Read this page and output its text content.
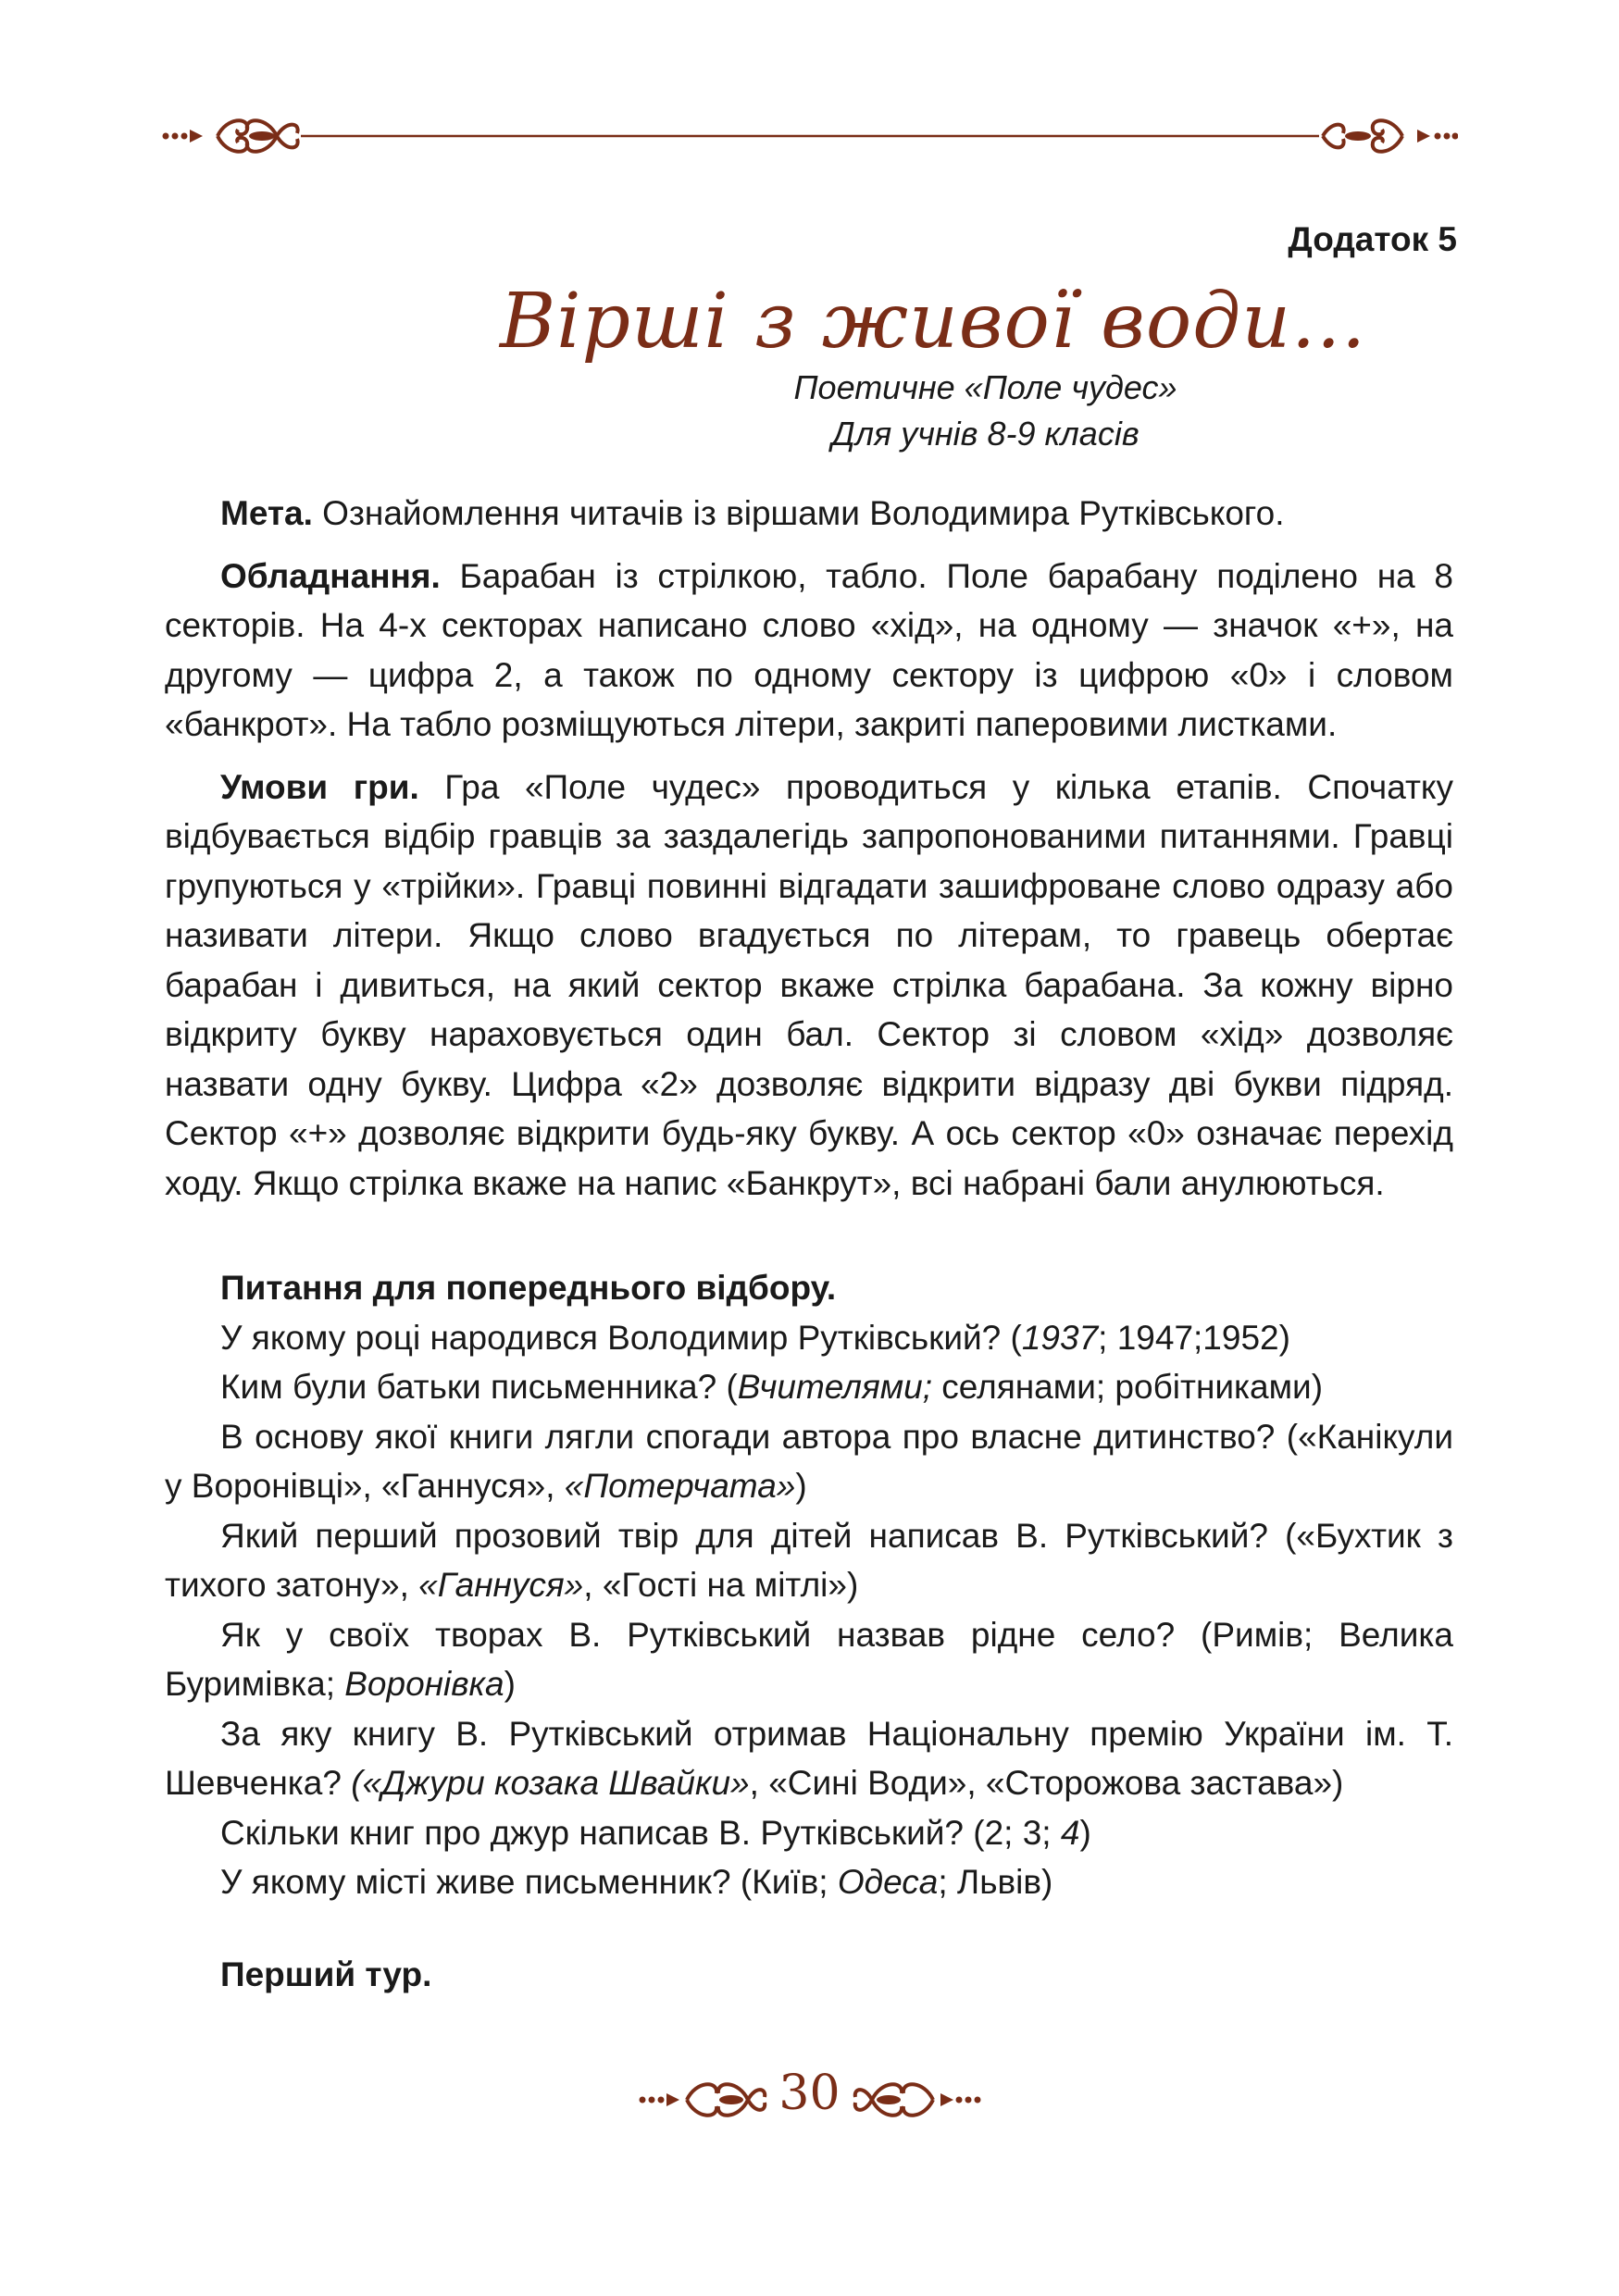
Додаток 5
Вірші з живої води...
Поетичне «Поле чудес»
Для учнів 8-9 класів

Мета. Ознайомлення читачів із віршами Володимира Рутківського.

Обладнання. Барабан із стрілкою, табло. Поле барабану поділено на 8 секторів. На 4-х секторах написано слово «хід», на одному — значок «+», на другому — цифра 2, а також по одному сектору із цифрою «0» і словом «банкрот». На табло розміщуються літери, закриті паперовими листками.

Умови гри. Гра «Поле чудес» проводиться у кілька етапів. Спочатку відбувається відбір гравців за заздалегідь запропонованими питаннями. Гравці групуються у «трійки». Гравці повинні відгадати зашифроване слово одразу або називати літери. Якщо слово вгадується по літерам, то гравець обертає барабан і дивиться, на який сектор вкаже стрілка барабана. За кожну вірно відкриту букву нараховується один бал. Сектор зі словом «хід» дозволяє назвати одну букву. Цифра «2» дозволяє відкрити відразу дві букви підряд. Сектор «+» дозволяє відкрити будь-яку букву. А ось сектор «0» означає перехід ходу. Якщо стрілка вкаже на напис «Банкрут», всі набрані бали анулюються.

Питання для попереднього відбору.

У якому році народився Володимир Рутківський? (1937; 1947;1952)

Ким були батьки письменника? (Вчителями; селянами; робітниками)

В основу якої книги лягли спогади автора про власне дитинство? («Канікули у Воронівці», «Ганнуся», «Потерчата»)

Який перший прозовий твір для дітей написав В. Рутківський? («Бухтик з тихого затону», «Ганнуся», «Гості на мітлі»)

Як у своїх творах В. Рутківський назвав рідне село? (Римів; Велика Буримівка; Воронівка)

За яку книгу В. Рутківський отримав Національну премію України ім. Т. Шевченка? («Джури козака Швайки», «Сині Води», «Сторожова застава»)

Скільки книг про джур написав В. Рутківський? (2; 3; 4)

У якому місті живе письменник? (Київ; Одеса; Львів)

Перший тур.

30
